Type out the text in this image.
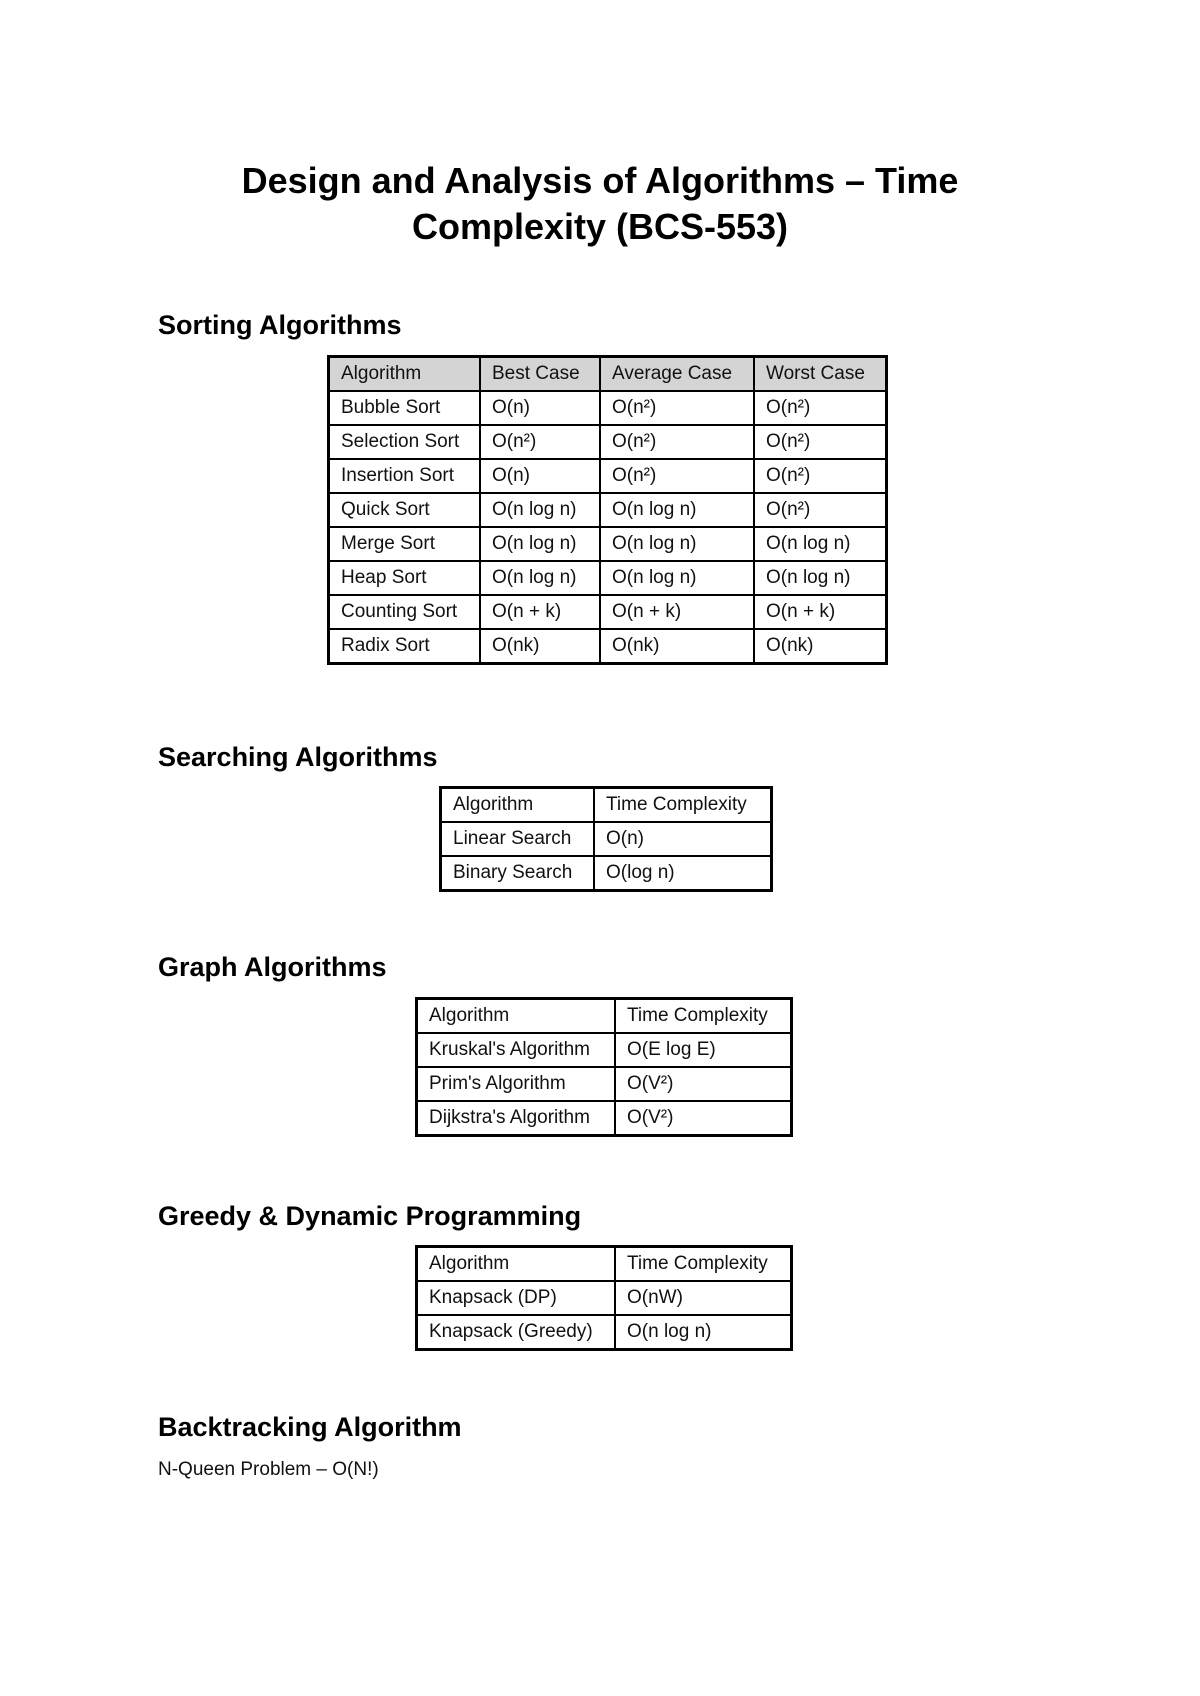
Design and Analysis of Algorithms – Time
Complexity (BCS-553)
Sorting Algorithms
Algorithm	Best Case	Average Case	Worst Case
Bubble Sort	O(n)	O(n²)	O(n²)
Selection Sort	O(n²)	O(n²)	O(n²)
Insertion Sort	O(n)	O(n²)	O(n²)
Quick Sort	O(n log n)	O(n log n)	O(n²)
Merge Sort	O(n log n)	O(n log n)	O(n log n)
Heap Sort	O(n log n)	O(n log n)	O(n log n)
Counting Sort	O(n + k)	O(n + k)	O(n + k)
Radix Sort	O(nk)	O(nk)	O(nk)
Searching Algorithms
Algorithm	Time Complexity
Linear Search	O(n)
Binary Search	O(log n)
Graph Algorithms
Algorithm	Time Complexity
Kruskal's Algorithm	O(E log E)
Prim's Algorithm	O(V²)
Dijkstra's Algorithm	O(V²)
Greedy & Dynamic Programming
Algorithm	Time Complexity
Knapsack (DP)	O(nW)
Knapsack (Greedy)	O(n log n)
Backtracking Algorithm

N-Queen Problem – O(N!)
